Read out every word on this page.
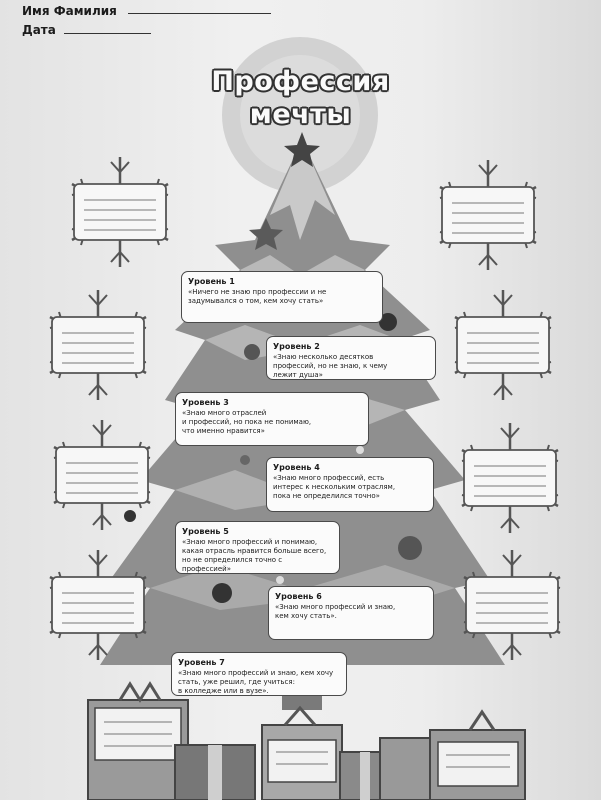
Имя Фамилия
Дата
Профессия
мечты
Уровень 1
«Ничего не знаю про профессии и не
задумывался о том, кем хочу стать»
Уровень 2
«Знаю несколько десятков
профессий, но не знаю, к чему
лежит душа»
Уровень 3
«Знаю много отраслей
и профессий, но пока не понимаю,
что именно нравится»
Уровень 4
«Знаю много профессий, есть
интерес к нескольким отраслям,
пока не определился точно»
Уровень 5
«Знаю много профессий и понимаю,
какая отрасль нравится больше всего,
но не определился точно с профессией»
Уровень 6
«Знаю много профессий и знаю,
кем хочу стать».
Уровень 7
«Знаю много профессий и знаю, кем хочу
стать, уже решил, где учиться:
в колледже или в вузе».
